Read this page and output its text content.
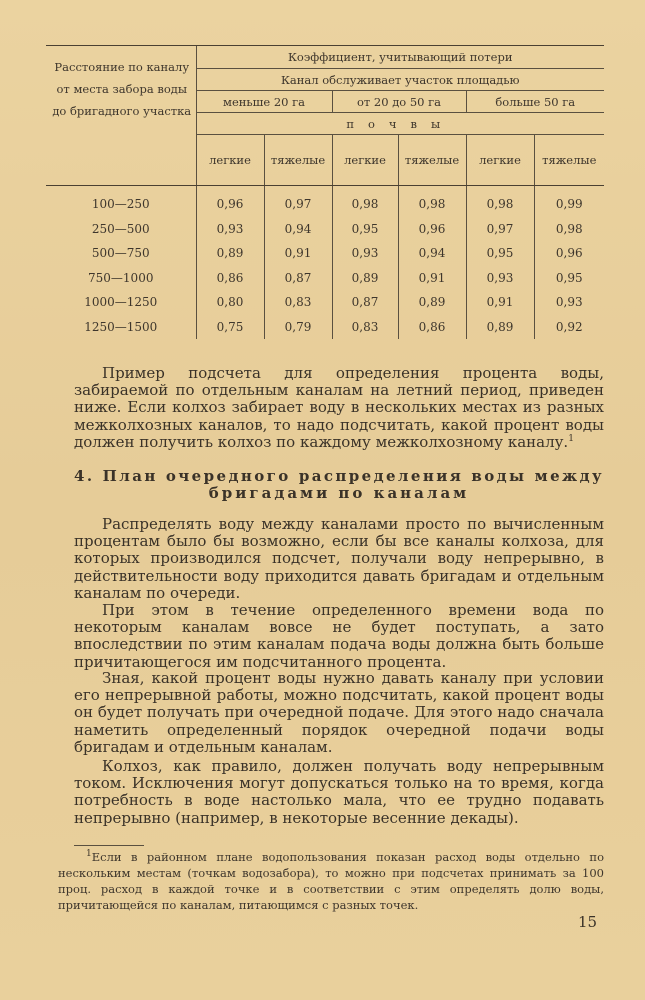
Расстояние по каналу от места забора воды до бригадного участка	Коэффициент, учитывающий потери					
	Канал обслуживает участок площадью					
	меньше 20 га		от 20 до 50 га		больше 50 га	
	почвы					
	легкие	тяжелые	легкие	тяжелые	легкие	тяжелые
100—250	0,96	0,97	0,98	0,98	0,98	0,99
250—500	0,93	0,94	0,95	0,96	0,97	0,98
500—750	0,89	0,91	0,93	0,94	0,95	0,96
750—1000	0,86	0,87	0,89	0,91	0,93	0,95
1000—1250	0,80	0,83	0,87	0,89	0,91	0,93
1250—1500	0,75	0,79	0,83	0,86	0,89	0,92

Пример подсчета для определения процента воды, забираемой по отдельным каналам на летний период, приведен ниже. Если колхоз забирает воду в нескольких местах из разных межколхозных каналов, то надо подсчитать, какой процент воды должен получить колхоз по каждому межколхозному каналу.$^1$

4. План очередного распределения воды между
бригадами по каналам

Распределять воду между каналами просто по вычисленным процентам было бы возможно, если бы все каналы колхоза, для которых производился подсчет, получали воду непрерывно, в действительности воду приходится давать бригадам и отдельным каналам по очереди.

При этом в течение определенного времени вода по некоторым каналам вовсе не будет поступать, а зато впоследствии по этим каналам подача воды должна быть больше причитающегося им подсчитанного процента.

Зная, какой процент воды нужно давать каналу при условии его непрерывной работы, можно подсчитать, какой процент воды он будет получать при очередной подаче. Для этого надо сначала наметить определенный порядок очередной подачи воды бригадам и отдельным каналам.

Колхоз, как правило, должен получать воду непрерывным током. Исключения могут допускаться только на то время, когда потребность в воде настолько мала, что ее трудно подавать непрерывно (например, в некоторые весенние декады).

$^1$Если в районном плане водопользования показан расход воды отдельно по нескольким местам (точкам водозабора), то можно при подсчетах принимать за 100 проц. расход в каждой точке и в соответствии с этим определять долю воды, причитающейся по каналам, питающимся с разных точек.

15
